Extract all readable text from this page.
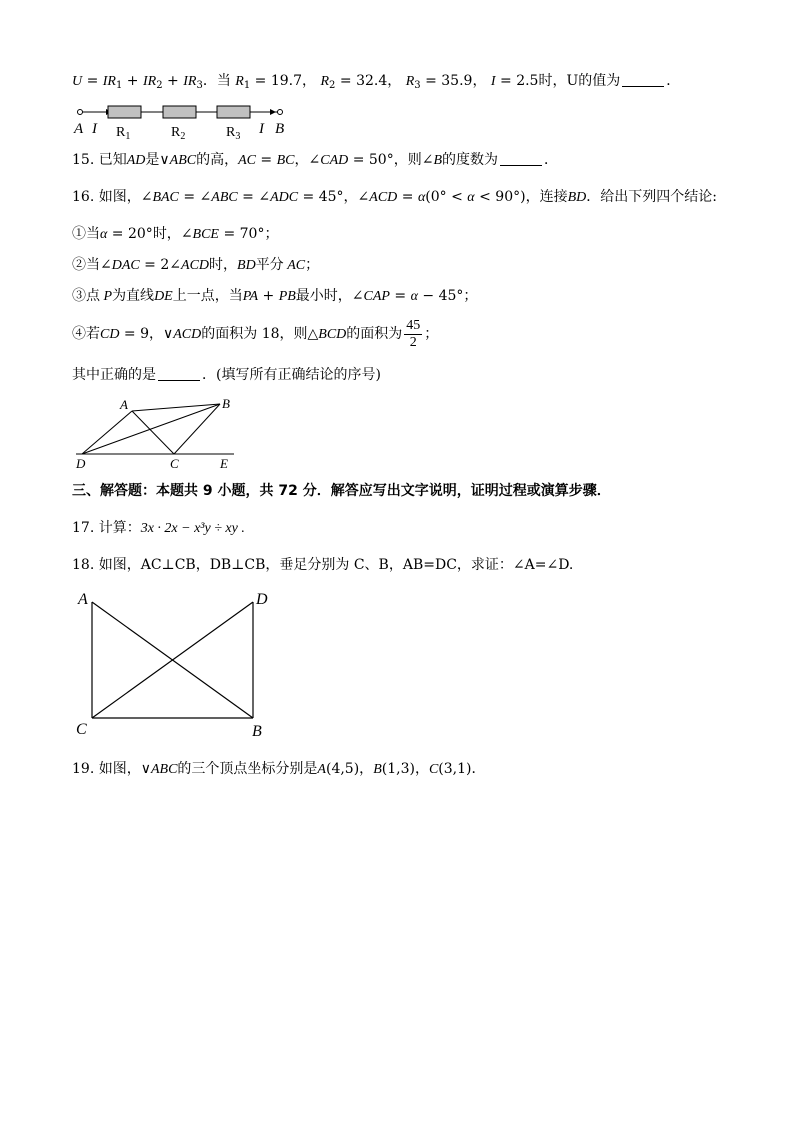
$U = IR_1 + IR_2 + IR_3$．当 $R_1 = 19.7$， $R_2 = 32.4$， $R_3 = 35.9$， I = 2.5时，U的值为	．
A I $R_1$	$R_2$	$R_3$ I B
15. 已知AD是∨ABC的高，AC = BC，∠CAD = 50°，则∠B的度数为	．
16. 如图，∠BAC = ∠ABC = ∠ADC = 45°，∠ACD = α(0° < α < 90°)，连接BD．给出下列四个结论:
①当α = 20°时，∠BCE = 70°；
②当∠DAC = 2∠ACD时，BD平分 AC；
③点 P为直线DE上一点，当PA + PB最小时，∠CAP = α − 45°；
④若CD = 9，∨ACD的面积为 18，则△BCD的面积为 $\frac{45}{2}$ ；
其中正确的是	．(填写所有正确结论的序号)
A	B
D	C	E
三、解答题：本题共 9 小题，共 72 分．解答应写出文字说明，证明过程或演算步骤．
17. 计算：3x · 2x − x³y ÷ xy .
18. 如图，AC⊥CB，DB⊥CB，垂足分别为 C、B，AB=DC，求证：∠A=∠D.
A	D
C	B
19. 如图，∨ABC的三个顶点坐标分别是A(4,5)，B(1,3)，C(3,1)．
